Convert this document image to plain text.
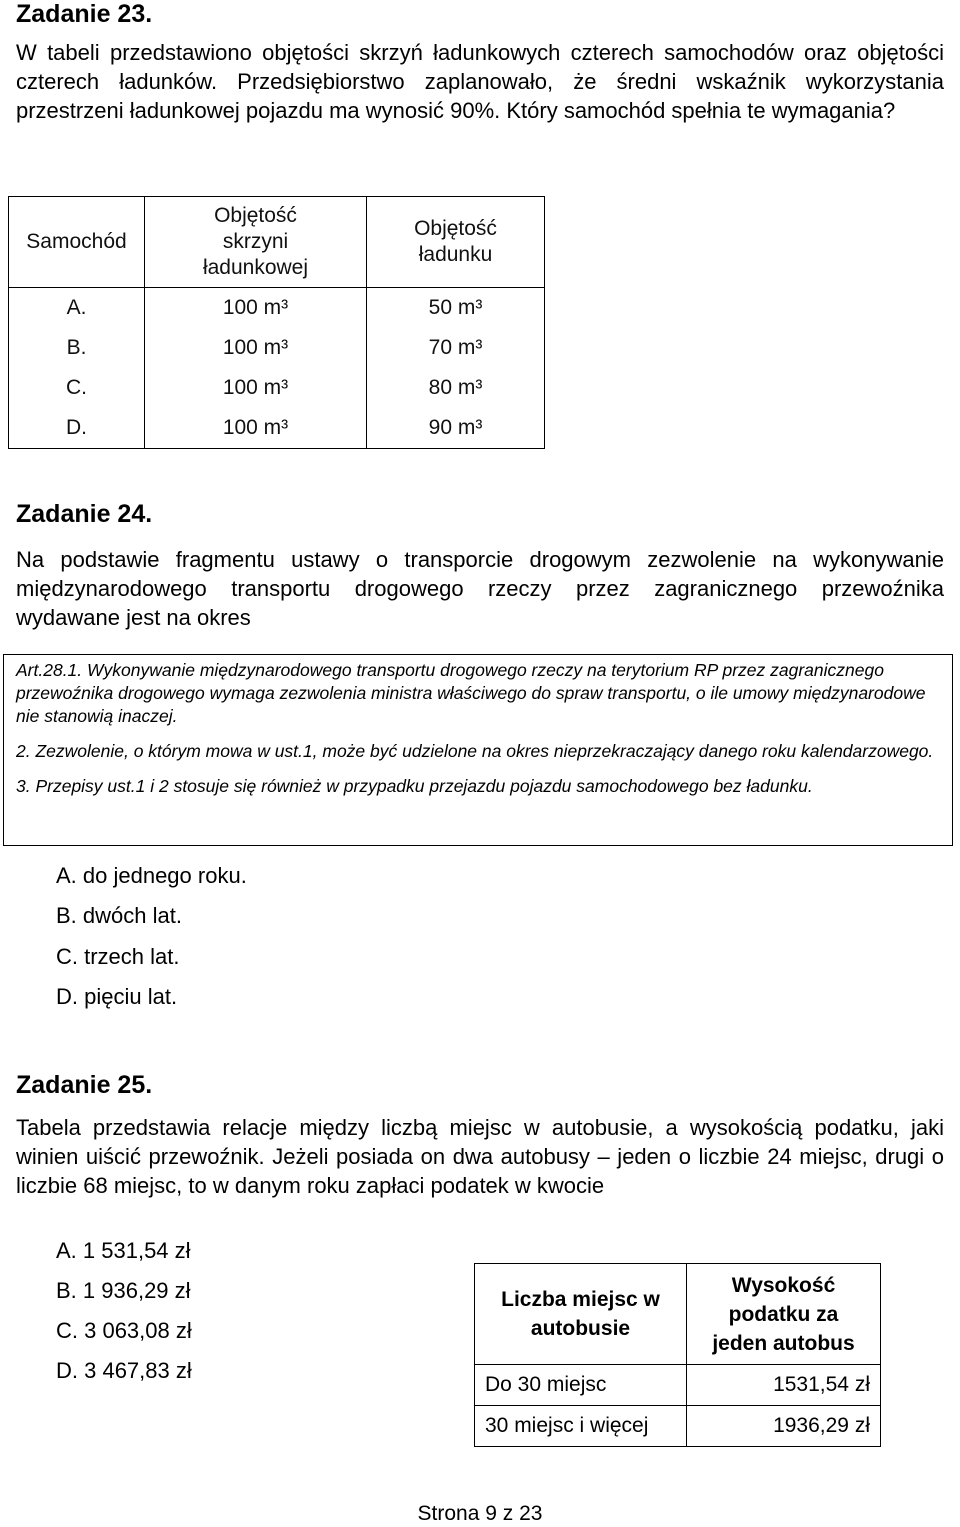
Zadanie 23.

W tabeli przedstawiono objętości skrzyń ładunkowych czterech samochodów oraz objętości czterech ładunków. Przedsiębiorstwo zaplanowało, że średni wskaźnik wykorzystania przestrzeni ładunkowej pojazdu ma wynosić 90%. Który samochód spełnia te wymagania?

Samochód	Objętość skrzyni ładunkowej	Objętość ładunku
A.	100 m³	50 m³
B.	100 m³	70 m³
C.	100 m³	80 m³
D.	100 m³	90 m³
Zadanie 24.

Na podstawie fragmentu ustawy o transporcie drogowym zezwolenie na wykonywanie międzynarodowego transportu drogowego rzeczy przez zagranicznego przewoźnika wydawane jest na okres

Art.28.1. Wykonywanie międzynarodowego transportu drogowego rzeczy na terytorium RP przez zagranicznego przewoźnika drogowego wymaga zezwolenia ministra właściwego do spraw transportu, o ile umowy międzynarodowe nie stanowią inaczej.

2. Zezwolenie, o którym mowa w ust.1, może być udzielone na okres nieprzekraczający danego roku kalendarzowego.

3. Przepisy ust.1 i 2 stosuje się również w przypadku przejazdu pojazdu samochodowego bez ładunku.

A. do jednego roku.

B. dwóch lat.

C. trzech lat.

D. pięciu lat.

Zadanie 25.

Tabela przedstawia relacje między liczbą miejsc w autobusie, a wysokością podatku, jaki winien uiścić przewoźnik. Jeżeli posiada on dwa autobusy – jeden o liczbie 24 miejsc, drugi o liczbie 68 miejsc, to w danym roku zapłaci podatek w kwocie

A. 1 531,54 zł

B. 1 936,29 zł

C. 3 063,08 zł

D. 3 467,83 zł

Liczba miejsc w autobusie	Wysokość podatku za jeden autobus
Do 30 miejsc	1531,54 zł
30 miejsc i więcej	1936,29 zł

Strona 9 z 23
